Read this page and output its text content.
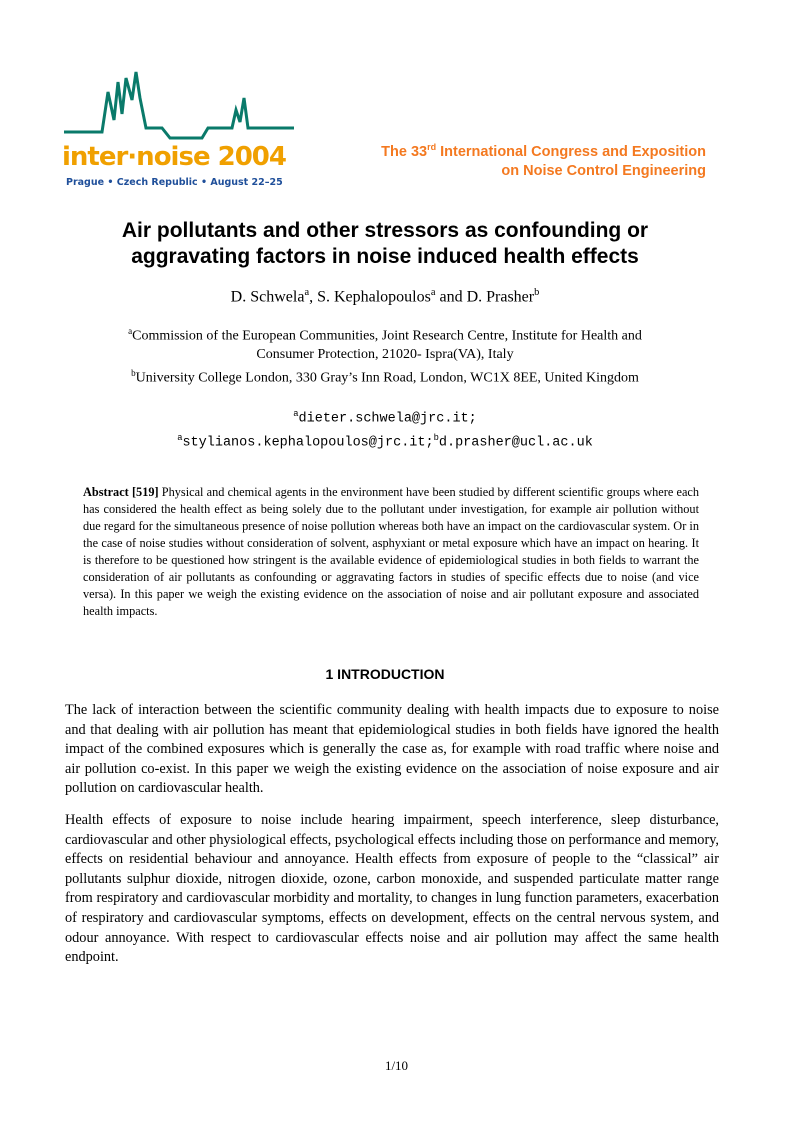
inter·noise 2004
Prague • Czech Republic • August 22–25
The 33rd International Congress and Exposition
on Noise Control Engineering
Air pollutants and other stressors as confounding or
aggravating factors in noise induced health effects
D. Schwela$^a$, S. Kephalopoulos$^a$ and D. Prasher$^b$
$^a$Commission of the European Communities, Joint Research Centre, Institute for Health and
Consumer Protection, 21020- Ispra(VA), Italy
$^b$University College London, 330 Gray’s Inn Road, London, WC1X 8EE, United Kingdom
$^a$dieter.schwela@jrc.it;
$^a$stylianos.kephalopoulos@jrc.it;$^b$d.prasher@ucl.ac.uk
Abstract [519] Physical and chemical agents in the environment have been studied by different scientific groups where each has considered the health effect as being solely due to the pollutant under investigation, for example air pollution without due regard for the simultaneous presence of noise pollution whereas both have an impact on the cardiovascular system. Or in the case of noise studies without consideration of solvent, asphyxiant or metal exposure which have an impact on hearing. It is therefore to be questioned how stringent is the available evidence of epidemiological studies in both fields to warrant the consideration of air pollutants as confounding or aggravating factors in studies of specific effects due to noise (and vice versa). In this paper we weigh the existing evidence on the association of noise and air pollutant exposure and associated health impacts.
1 INTRODUCTION
The lack of interaction between the scientific community dealing with health impacts due to exposure to noise and that dealing with air pollution has meant that epidemiological studies in both fields have ignored the health impact of the combined exposures which is generally the case as, for example with road traffic where noise and air pollution co-exist. In this paper we weigh the existing evidence on the association of noise exposure and air pollution on cardiovascular health.
Health effects of exposure to noise include hearing impairment, speech interference, sleep disturbance, cardiovascular and other physiological effects, psychological effects including those on performance and memory, effects on residential behaviour and annoyance. Health effects from exposure of people to the “classical” air pollutants sulphur dioxide, nitrogen dioxide, ozone, carbon monoxide, and suspended particulate matter range from respiratory and cardiovascular morbidity and mortality, to changes in lung function parameters, exacerbation of respiratory and cardiovascular symptoms, effects on development, effects on the central nervous system, and odour annoyance. With respect to cardiovascular effects noise and air pollution may affect the same health endpoint.
1/10
